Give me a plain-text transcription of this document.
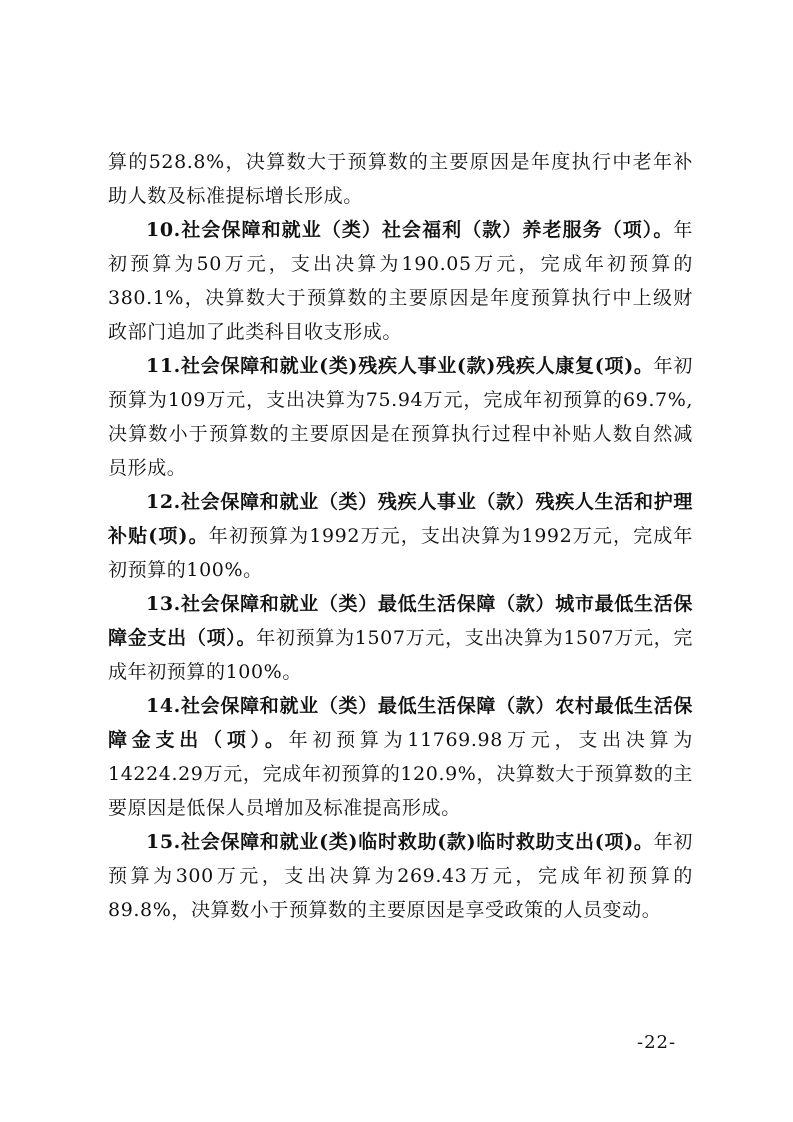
算的528.8%，决算数大于预算数的主要原因是年度执行中老年补助人数及标准提标增长形成。

10.社会保障和就业（类）社会福利（款）养老服务（项）。年初预算为50万元，支出决算为190.05万元，完成年初预算的380.1%，决算数大于预算数的主要原因是年度预算执行中上级财政部门追加了此类科目收支形成。

11.社会保障和就业(类)残疾人事业(款)残疾人康复(项)。年初预算为109万元，支出决算为75.94万元，完成年初预算的69.7%,决算数小于预算数的主要原因是在预算执行过程中补贴人数自然减员形成。

12.社会保障和就业（类）残疾人事业（款）残疾人生活和护理补贴(项)。年初预算为1992万元，支出决算为1992万元，完成年初预算的100%。

13.社会保障和就业（类）最低生活保障（款）城市最低生活保障金支出（项）。年初预算为1507万元，支出决算为1507万元，完成年初预算的100%。

14.社会保障和就业（类）最低生活保障（款）农村最低生活保障金支出（项）。年初预算为11769.98万元，支出决算为14224.29万元，完成年初预算的120.9%，决算数大于预算数的主要原因是低保人员增加及标准提高形成。

15.社会保障和就业(类)临时救助(款)临时救助支出(项)。年初预算为300万元，支出决算为269.43万元，完成年初预算的89.8%，决算数小于预算数的主要原因是享受政策的人员变动。

-22-
